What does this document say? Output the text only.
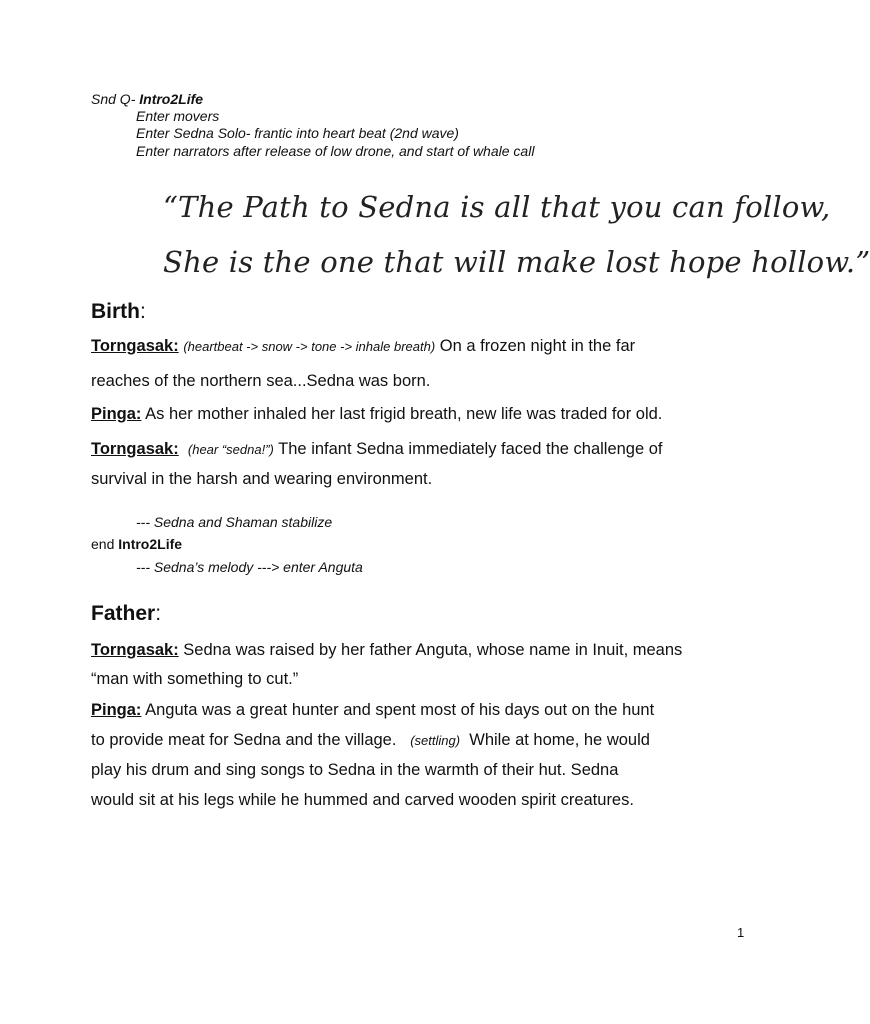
Snd Q- Intro2Life
Enter movers
Enter Sedna Solo- frantic into heart beat (2nd wave)
Enter narrators after release of low drone, and start of whale call
“The Path to Sedna is all that you can follow,
She is the one that will make lost hope hollow.”
Birth:
Torngasak: (heartbeat -> snow -> tone -> inhale breath) On a frozen night in the far
reaches of the northern sea...Sedna was born.
Pinga: As her mother inhaled her last frigid breath, new life was traded for old.
Torngasak: (hear “sedna!”) The infant Sedna immediately faced the challenge of
survival in the harsh and wearing environment.
--- Sedna and Shaman stabilize
end Intro2Life
--- Sedna’s melody ---> enter Anguta
Father:
Torngasak: Sedna was raised by her father Anguta, whose name in Inuit, means
“man with something to cut.”
Pinga: Anguta was a great hunter and spent most of his days out on the hunt
to provide meat for Sedna and the village. (settling) While at home, he would
play his drum and sing songs to Sedna in the warmth of their hut. Sedna
would sit at his legs while he hummed and carved wooden spirit creatures.
1
